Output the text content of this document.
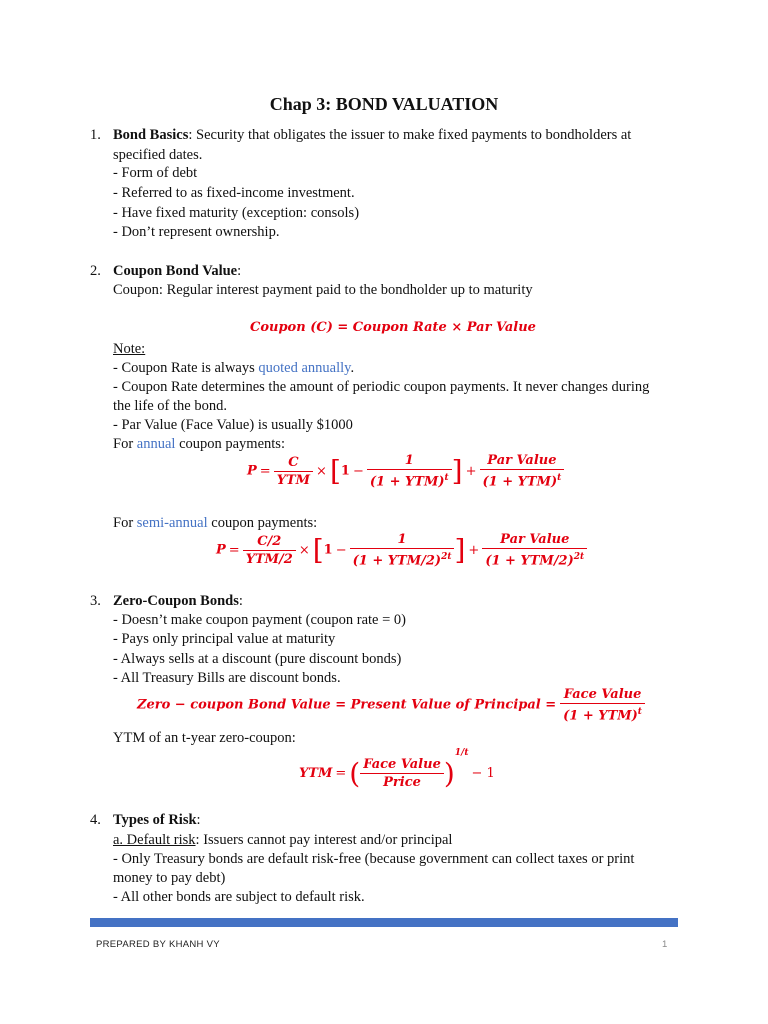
Chap 3: BOND VALUATION
1. Bond Basics: Security that obligates the issuer to make fixed payments to bondholders at
specified dates.
- Form of debt
- Referred to as fixed-income investment.
- Have fixed maturity (exception: consols)
- Don’t represent ownership.
2. Coupon Bond Value:
Coupon: Regular interest payment paid to the bondholder up to maturity
Coupon (C) = Coupon Rate × Par Value
Note:
- Coupon Rate is always quoted annually.
- Coupon Rate determines the amount of periodic coupon payments. It never changes during
the life of the bond.
- Par Value (Face Value) is usually $1000
For annual coupon payments:
$P = \frac{C}{\text{YTM}} \times [1 - \frac{1}{(1 + YTM)^t}$ ] + $\frac{\text{Par Value}}{(1 + YTM)^t}$
For semi-annual coupon payments:
$P = \frac{C/2}{\text{YTM/2}} \times [1 - \frac{1}{(1 + YTM/2)^{2t}}$ ] + $\frac{\text{Par Value}}{(1 + YTM/2)^{2t}}$
3. Zero-Coupon Bonds:
- Doesn’t make coupon payment (coupon rate = 0)
- Pays only principal value at maturity
- Always sells at a discount (pure discount bonds)
- All Treasury Bills are discount bonds.
Zero − coupon Bond Value = Present Value of Principal = $\frac{\text{Face Value}}{(1 + YTM)^t}$
YTM of an t-year zero-coupon:
YTM = ( $\frac{\text{Face Value}}{\text{Price}} )^{1/t}- 1$
4. Types of Risk:
a. Default risk: Issuers cannot pay interest and/or principal
- Only Treasury bonds are default risk-free (because government can collect taxes or print
money to pay debt)
- All other bonds are subject to default risk.
PREPARED BY KHANH VY	1
